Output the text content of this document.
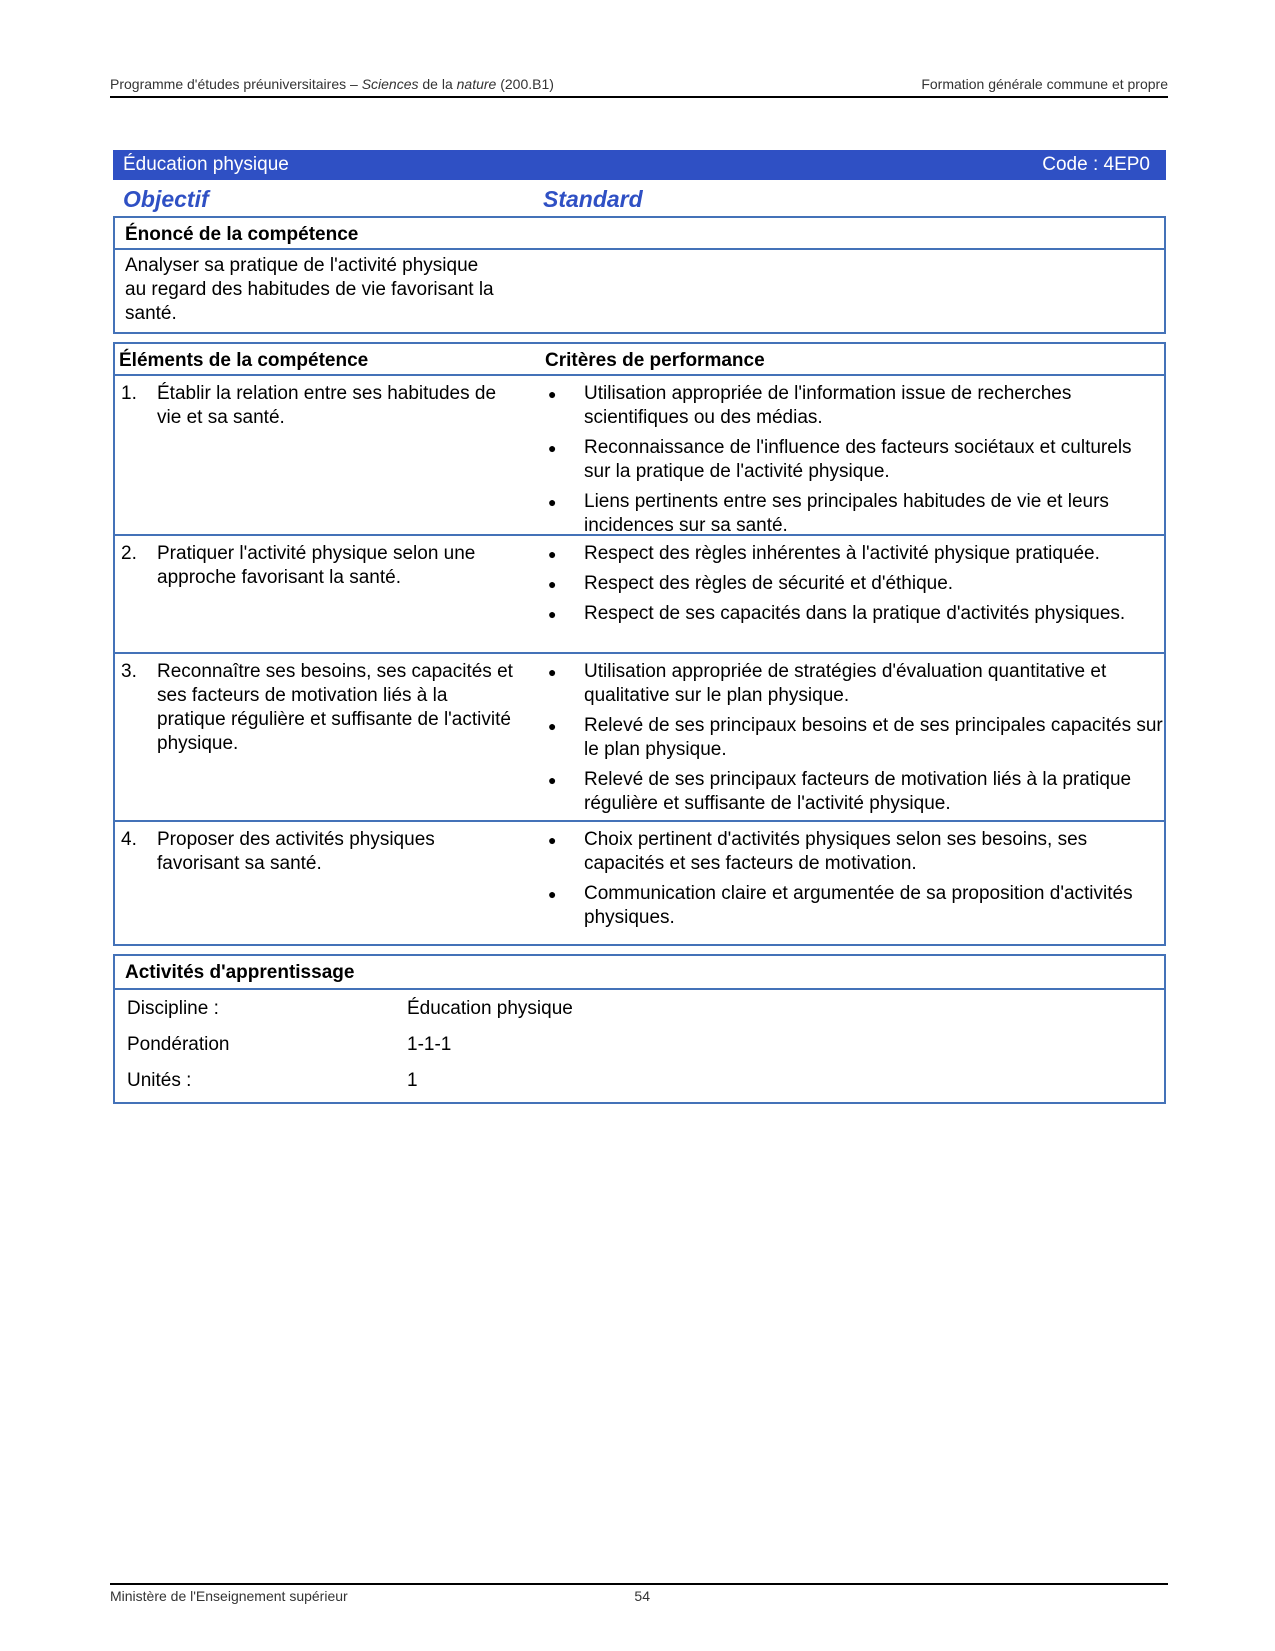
Programme d'études préuniversitaires – Sciences de la nature (200.B1)	Formation générale commune et propre
Éducation physique	Code : 4EP0
Objectif	Standard
Énoncé de la compétence
Analyser sa pratique de l'activité physique
au regard des habitudes de vie favorisant la
santé.
Éléments de la compétence	Critères de performance
1.	Établir la relation entre ses habitudes de vie et sa santé.
●	Utilisation appropriée de l'information issue de recherches scientifiques ou des médias.
●	Reconnaissance de l'influence des facteurs sociétaux et culturels sur la pratique de l'activité physique.
●	Liens pertinents entre ses principales habitudes de vie et leurs incidences sur sa santé.
2.	Pratiquer l'activité physique selon une approche favorisant la santé.
●	Respect des règles inhérentes à l'activité physique pratiquée.
●	Respect des règles de sécurité et d'éthique.
●	Respect de ses capacités dans la pratique d'activités physiques.
3.	Reconnaître ses besoins, ses capacités et ses facteurs de motivation liés à la pratique régulière et suffisante de l'activité physique.
●	Utilisation appropriée de stratégies d'évaluation quantitative et qualitative sur le plan physique.
●	Relevé de ses principaux besoins et de ses principales capacités sur le plan physique.
●	Relevé de ses principaux facteurs de motivation liés à la pratique régulière et suffisante de l'activité physique.
4.	Proposer des activités physiques favorisant sa santé.
●	Choix pertinent d'activités physiques selon ses besoins, ses capacités et ses facteurs de motivation.
●	Communication claire et argumentée de sa proposition d'activités physiques.
Activités d'apprentissage
Discipline :	Éducation physique
Pondération	1-1-1
Unités :	1
Ministère de l'Enseignement supérieur	54
